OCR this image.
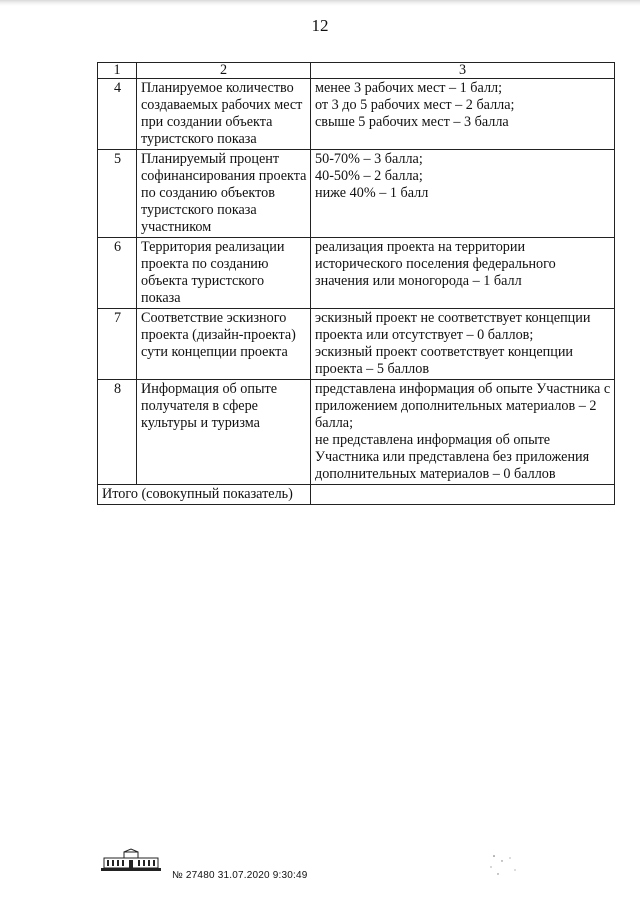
12
1	2	3
4	Планируемое количество создаваемых рабочих мест при создании объекта туристского показа	менее 3 рабочих мест – 1 балл;
от 3 до 5 рабочих мест – 2 балла;
свыше 5 рабочих мест – 3 балла

5	Планируемый процент софинансирования проекта по созданию объектов туристского показа участником	50-70% – 3 балла;
40-50% – 2 балла;
ниже 40% – 1 балл

6	Территория реализации проекта по созданию объекта туристского показа	реализация проекта на территории исторического поселения федерального значения или моногорода – 1 балл

7	Соответствие эскизного проекта (дизайн-проекта) сути концепции проекта	эскизный проект не соответствует концепции проекта или отсутствует – 0 баллов;
эскизный проект соответствует концепции проекта – 5 баллов

8	Информация об опыте получателя в сфере культуры и туризма	представлена информация об опыте Участника с приложением дополнительных материалов – 2 балла;
не представлена информация об опыте Участника или представлена без приложения дополнительных материалов – 0 баллов

Итого (совокупный показатель)		
№ 27480 31.07.2020 9:30:49
